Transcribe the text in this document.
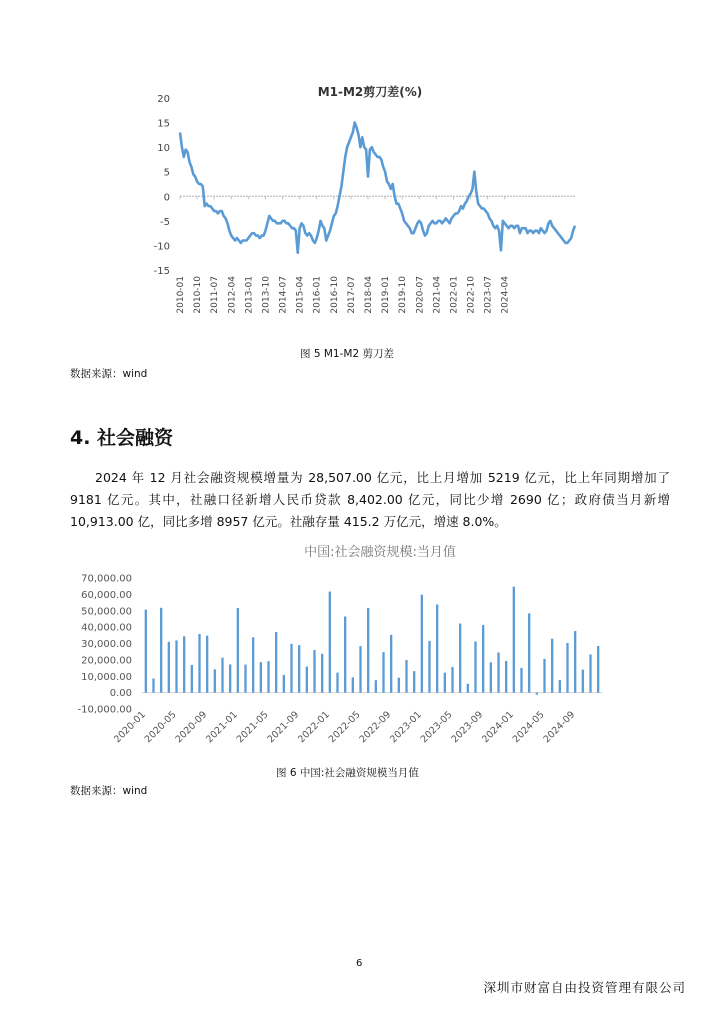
M1-M2剪刀差(%)
20
15
10
5
0
-5
-10
-15
2010-01 2010-10 2011-07 2012-04 2013-01 2013-10 2014-07 2015-04 2016-01 2016-10 2017-07 2018-04 2019-01 2019-10 2020-07 2021-04 2022-01 2022-10 2023-07 2024-04
图 5 M1-M2 剪刀差
数据来源：wind
4. 社会融资

2024 年 12 月社会融资规模增量为 28,507.00 亿元，比上月增加 5219 亿元，比上年同期增加了 9181 亿元。其中，社融口径新增人民币贷款 8,402.00 亿元，同比少增 2690 亿；政府债当月新增 10,913.00 亿，同比多增 8957 亿元。社融存量 415.2 万亿元，增速 8.0%。

中国:社会融资规模:当月值
70,000.00
60,000.00
50,000.00
40,000.00
30,000.00
20,000.00
10,000.00
0.00
-10,000.00
2020-01
2020-05
2020-09
2021-01
2021-05
2021-09
2022-01
2022-05
2022-09
2023-01
2023-05
2023-09
2024-01
2024-05
2024-09
图 6 中国:社会融资规模当月值
数据来源：wind
6
深圳市财富自由投资管理有限公司
